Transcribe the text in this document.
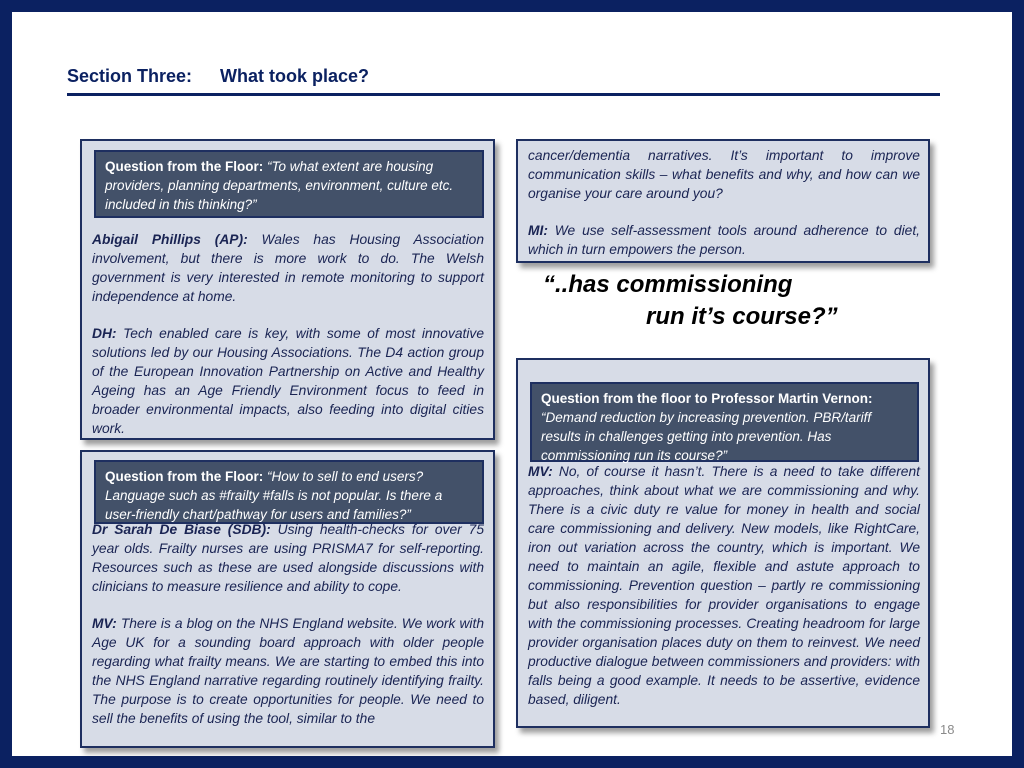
Section Three: What took place?
Question from the Floor: “To what extent are housing providers, planning departments, environment, culture etc. included in this thinking?”

Abigail Phillips (AP): Wales has Housing Association involvement, but there is more work to do. The Welsh government is very interested in remote monitoring to support independence at home.

DH: Tech enabled care is key, with some of most innovative solutions led by our Housing Associations. The D4 action group of the European Innovation Partnership on Active and Healthy Ageing has an Age Friendly Environment focus to feed in broader environmental impacts, also feeding into digital cities work.

Question from the Floor: “How to sell to end users? Language such as #frailty #falls is not popular. Is there a user-friendly chart/pathway for users and families?”

Dr Sarah De Biase (SDB): Using health-checks for over 75 year olds. Frailty nurses are using PRISMA7 for self-reporting. Resources such as these are used alongside discussions with clinicians to measure resilience and ability to cope.

MV: There is a blog on the NHS England website. We work with Age UK for a sounding board approach with older people regarding what frailty means. We are starting to embed this into the NHS England narrative regarding routinely identifying frailty. The purpose is to create opportunities for people. We need to sell the benefits of using the tool, similar to the

cancer/dementia narratives. It’s important to improve communication skills – what benefits and why, and how can we organise your care around you?

MI: We use self-assessment tools around adherence to diet, which in turn empowers the person.

“..has commissioning
run it’s course?”
Question from the floor to Professor Martin Vernon:
“Demand reduction by increasing prevention. PBR/tariff results in challenges getting into prevention. Has commissioning run its course?”

MV: No, of course it hasn’t. There is a need to take different approaches, think about what we are commissioning and why. There is a civic duty re value for money in health and social care commissioning and delivery. New models, like RightCare, iron out variation across the country, which is important. We need to maintain an agile, flexible and astute approach to commissioning. Prevention question – partly re commissioning but also responsibilities for provider organisations to engage with the commissioning processes. Creating headroom for large provider organisation places duty on them to reinvest. We need productive dialogue between commissioners and providers: with falls being a good example. It needs to be assertive, evidence based, diligent.

18
